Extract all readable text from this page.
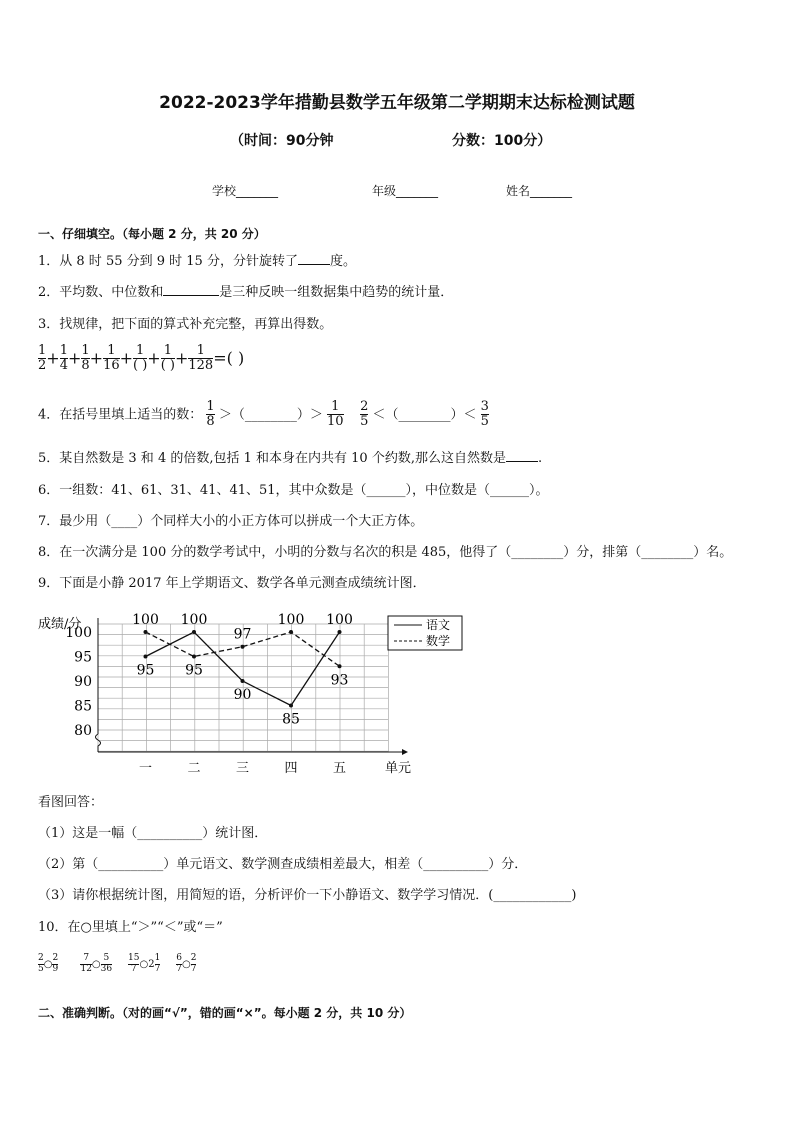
2022-2023学年措勤县数学五年级第二学期期末达标检测试题
（时间：90分钟	分数：100分）
学校_______	年级_______	姓名_______
一、仔细填空。（每小题 2 分，共 20 分）
1．从 8 时 55 分到 9 时 15 分，分针旋转了 度。
2．平均数、中位数和	是三种反映一组数据集中趋势的统计量．
3．找规律，把下面的算式补充完整，再算出得数。
$\frac{1}{2} + \frac{1}{4} + \frac{1}{8} + \frac{1}{16} + \frac{1}{( )} + \frac{1}{( )} + \frac{1}{128}$ =( )
4．在括号里填上适当的数： $\frac{1}{8}$ ＞（________）＞ $\frac{1}{10}$
$\frac{2}{5}$ ＜（________）＜ $\frac{3}{5}$
5．某自然数是 3 和 4 的倍数,包括 1 和本身在内共有 10 个约数,那么这自然数是 .
6．一组数：41、61、31、41、41、51，其中众数是（______），中位数是（______）。
7．最少用（____）个同样大小的小正方体可以拼成一个大正方体。
8．在一次满分是 100 分的数学考试中，小明的分数与名次的积是 485，他得了（________）分，排第（________）名。
9．下面是小静 2017 年上学期语文、数学各单元测查成绩统计图．
100
95
90
85
80
一	二	三	四	五
100 100
97
100 100
95 95
90
85
93
语文
数学
成绩/分
单元
看图回答：
（1）这是一幅（__________）统计图．
（2）第（__________）单元语文、数学测查成绩相差最大，相差（__________）分．
（3）请你根据统计图，用简短的语，分析评价一下小静语文、数学学习情况．(____________)
10．在○里填上“＞”“＜”或“＝”
$\frac{2}{5}$ ○ $\frac{2}{9}$
$\frac{7}{12}$ ○ $\frac{5}{36}$
$\frac{15}{7}$ ○2 $\frac{1}{7}$
$\frac{6}{7}$ ○ $\frac{2}{7}$
二、准确判断。（对的画“√”，错的画“×”。每小题 2 分，共 10 分）
